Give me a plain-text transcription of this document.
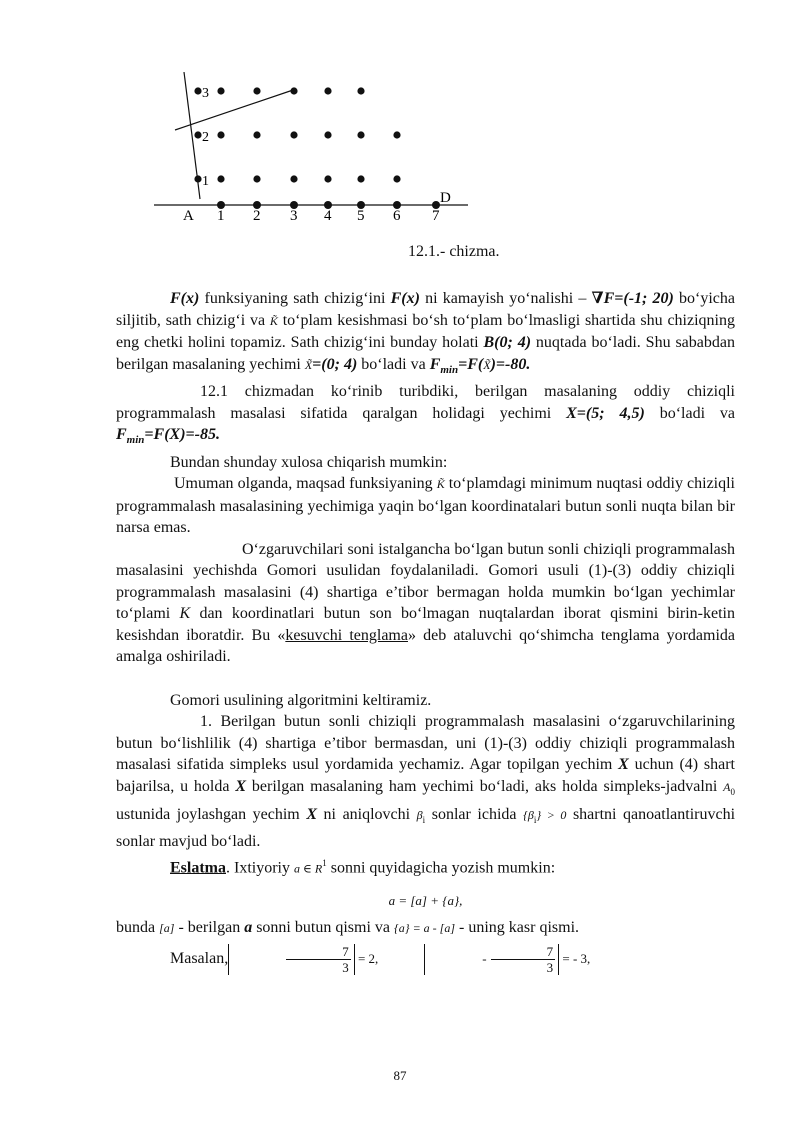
1 2 3 4 5 6 7
1
2
3
A
D
12.1.- chizma.

F(x) funksiyaning sath chizig‘ini F(x) ni kamayish yo‘nalishi – ∇F=(-1; 20) bo‘yicha siljitib, sath chizig‘i va K̃ to‘plam kesishmasi bo‘sh to‘plam bo‘lmasligi shartida shu chiziqning eng chetki holini topamiz. Sath chizig‘ini bunday holati B(0; 4) nuqtada bo‘ladi. Shu sababdan berilgan masalaning yechimi X̃=(0; 4) bo‘ladi va $F_{min}=F(X̃)=-80$.

12.1 chizmadan ko‘rinib turibdiki, berilgan masalaning oddiy chiziqli programmalash masalasi sifatida qaralgan holidagi yechimi X=(5; 4,5) bo‘ladi va $F_{min}=F(X)=-85$.

Bundan shunday xulosa chiqarish mumkin:

Umuman olganda, maqsad funksiyaning K̃ to‘plamdagi minimum nuqtasi oddiy chiziqli programmalash masalasining yechimiga yaqin bo‘lgan koordinatalari butun sonli nuqta bilan bir narsa emas.

O‘zgaruvchilari soni istalgancha bo‘lgan butun sonli chiziqli programmalash masalasini yechishda Gomori usulidan foydalaniladi. Gomori usuli (1)-(3) oddiy chiziqli programmalash masalasini (4) shartiga e’tibor bermagan holda mumkin bo‘lgan yechimlar to‘plami K dan koordinatlari butun son bo‘lmagan nuqtalardan iborat qismini birin-ketin kesishdan iboratdir. Bu «kesuvchi tenglama» deb ataluvchi qo‘shimcha tenglama yordamida amalga oshiriladi.

Gomori usulining algoritmini keltiramiz.

1. Berilgan butun sonli chiziqli programmalash masalasini o‘zgaruvchilarining butun bo‘lishlilik (4) shartiga e’tibor bermasdan, uni (1)-(3) oddiy chiziqli programmalash masalasi sifatida simpleks usul yordamida yechamiz. Agar topilgan yechim X uchun (4) shart bajarilsa, u holda X berilgan masalaning ham yechimi bo‘ladi, aks holda simpleks-jadvalni $A_0$ ustunida joylashgan yechim X ni aniqlovchi $\beta_i$ sonlar ichida $\{\beta_i\} > 0$ shartni qanoatlantiruvchi sonlar mavjud bo‘ladi.

Eslatma. Ixtiyoriy a ∈ $R^1$ sonni quyidagicha yozish mumkin:

a = [a] + {a},

bunda [a] - berilgan a sonni butun qismi va {a} = a - [a] - uning kasr qismi.

Masalan,	$\frac{7}{3} = 2$,	- $\frac{7}{3}$ = - 3,

87
